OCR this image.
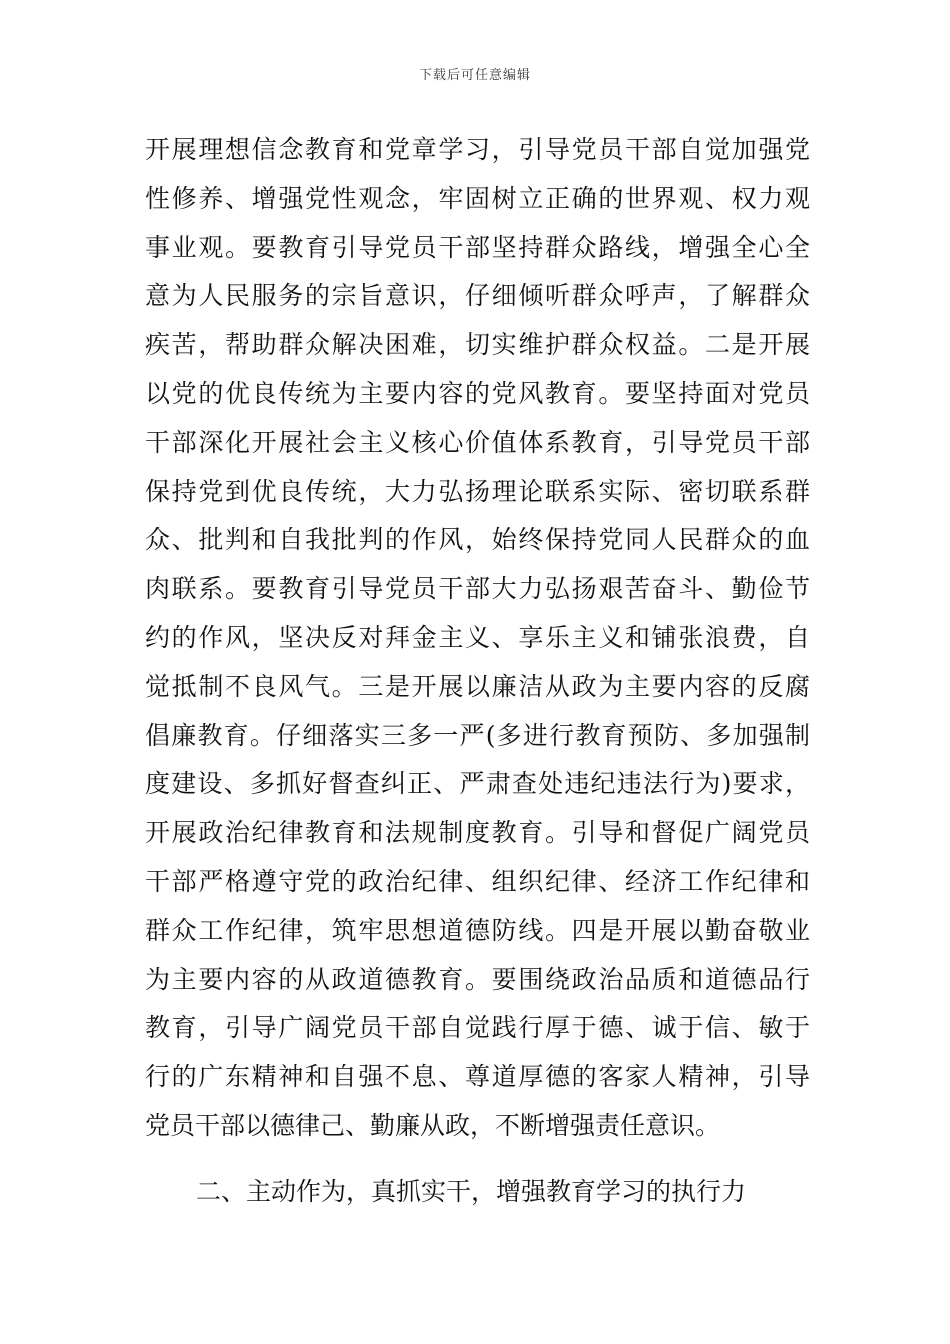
下载后可任意编辑
开展理想信念教育和党章学习，引导党员干部自觉加强党
性修养、增强党性观念，牢固树立正确的世界观、权力观
事业观。要教育引导党员干部坚持群众路线，增强全心全
意为人民服务的宗旨意识，仔细倾听群众呼声，了解群众
疾苦，帮助群众解决困难，切实维护群众权益。二是开展
以党的优良传统为主要内容的党风教育。要坚持面对党员
干部深化开展社会主义核心价值体系教育，引导党员干部
保持党到优良传统，大力弘扬理论联系实际、密切联系群
众、批判和自我批判的作风，始终保持党同人民群众的血
肉联系。要教育引导党员干部大力弘扬艰苦奋斗、勤俭节
约的作风，坚决反对拜金主义、享乐主义和铺张浪费，自
觉抵制不良风气。三是开展以廉洁从政为主要内容的反腐
倡廉教育。仔细落实三多一严(多进行教育预防、多加强制
度建设、多抓好督查纠正、严肃查处违纪违法行为)要求，
开展政治纪律教育和法规制度教育。引导和督促广阔党员
干部严格遵守党的政治纪律、组织纪律、经济工作纪律和
群众工作纪律，筑牢思想道德防线。四是开展以勤奋敬业
为主要内容的从政道德教育。要围绕政治品质和道德品行
教育，引导广阔党员干部自觉践行厚于德、诚于信、敏于
行的广东精神和自强不息、尊道厚德的客家人精神，引导
党员干部以德律己、勤廉从政，不断增强责任意识。
二、主动作为，真抓实干，增强教育学习的执行力
